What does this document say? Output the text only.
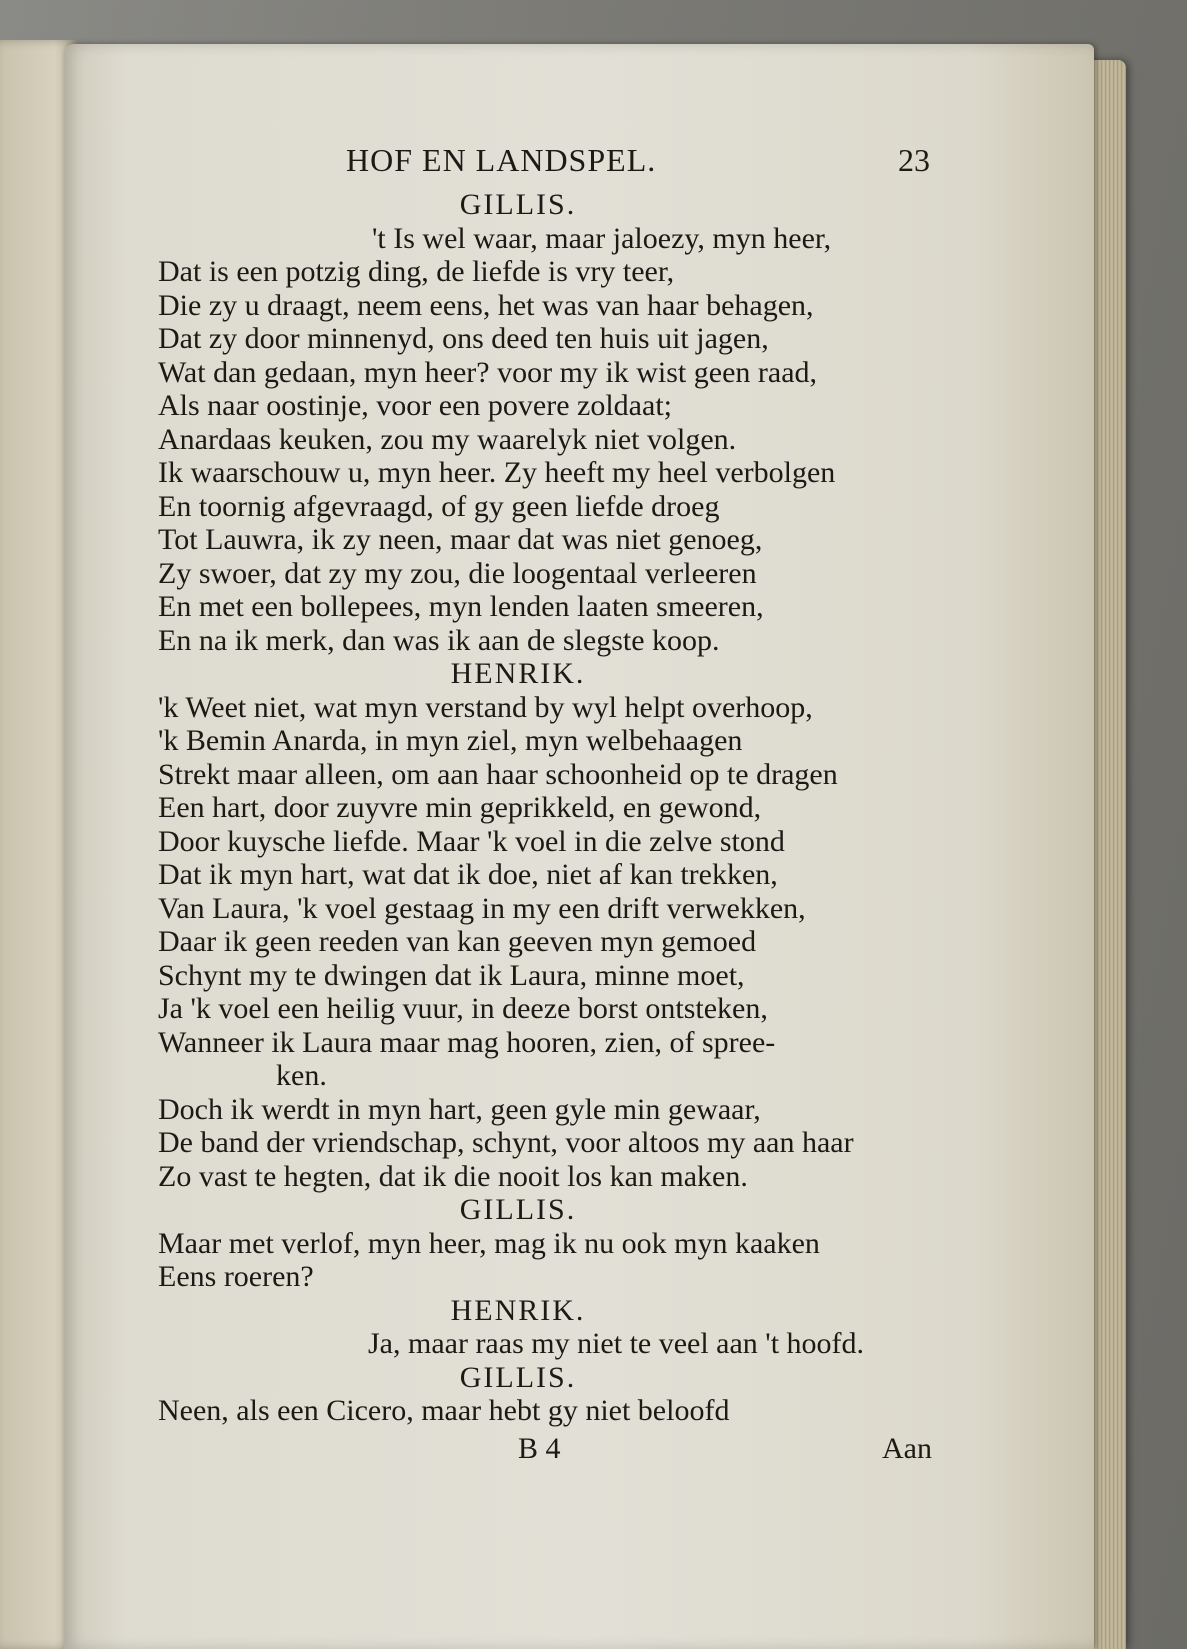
HOF EN LANDSPEL.	23
GILLIS.
't Is wel waar, maar jaloezy, myn heer,
Dat is een potzig ding, de liefde is vry teer,
Die zy u draagt, neem eens, het was van haar behagen,
Dat zy door minnenyd, ons deed ten huis uit jagen,
Wat dan gedaan, myn heer? voor my ik wist geen raad,
Als naar oostinje, voor een povere zoldaat;
Anardaas keuken, zou my waarelyk niet volgen.
Ik waarschouw u, myn heer. Zy heeft my heel verbolgen
En toornig afgevraagd, of gy geen liefde droeg
Tot Lauwra, ik zy neen, maar dat was niet genoeg,
Zy swoer, dat zy my zou, die loogentaal verleeren
En met een bollepees, myn lenden laaten smeeren,
En na ik merk, dan was ik aan de slegste koop.
HENRIK.
'k Weet niet, wat myn verstand by wyl helpt overhoop,
'k Bemin Anarda, in myn ziel, myn welbehaagen
Strekt maar alleen, om aan haar schoonheid op te dragen
Een hart, door zuyvre min geprikkeld, en gewond,
Door kuysche liefde. Maar 'k voel in die zelve stond
Dat ik myn hart, wat dat ik doe, niet af kan trekken,
Van Laura, 'k voel gestaag in my een drift verwekken,
Daar ik geen reeden van kan geeven myn gemoed
Schynt my te dwingen dat ik Laura, minne moet,
Ja 'k voel een heilig vuur, in deeze borst ontsteken,
Wanneer ik Laura maar mag hooren, zien, of spree-
ken.
Doch ik werdt in myn hart, geen gyle min gewaar,
De band der vriendschap, schynt, voor altoos my aan haar
Zo vast te hegten, dat ik die nooit los kan maken.
GILLIS.
Maar met verlof, myn heer, mag ik nu ook myn kaaken
Eens roeren?
HENRIK.
Ja, maar raas my niet te veel aan 't hoofd.
GILLIS.
Neen, als een Cicero, maar hebt gy niet beloofd
B 4	Aan
